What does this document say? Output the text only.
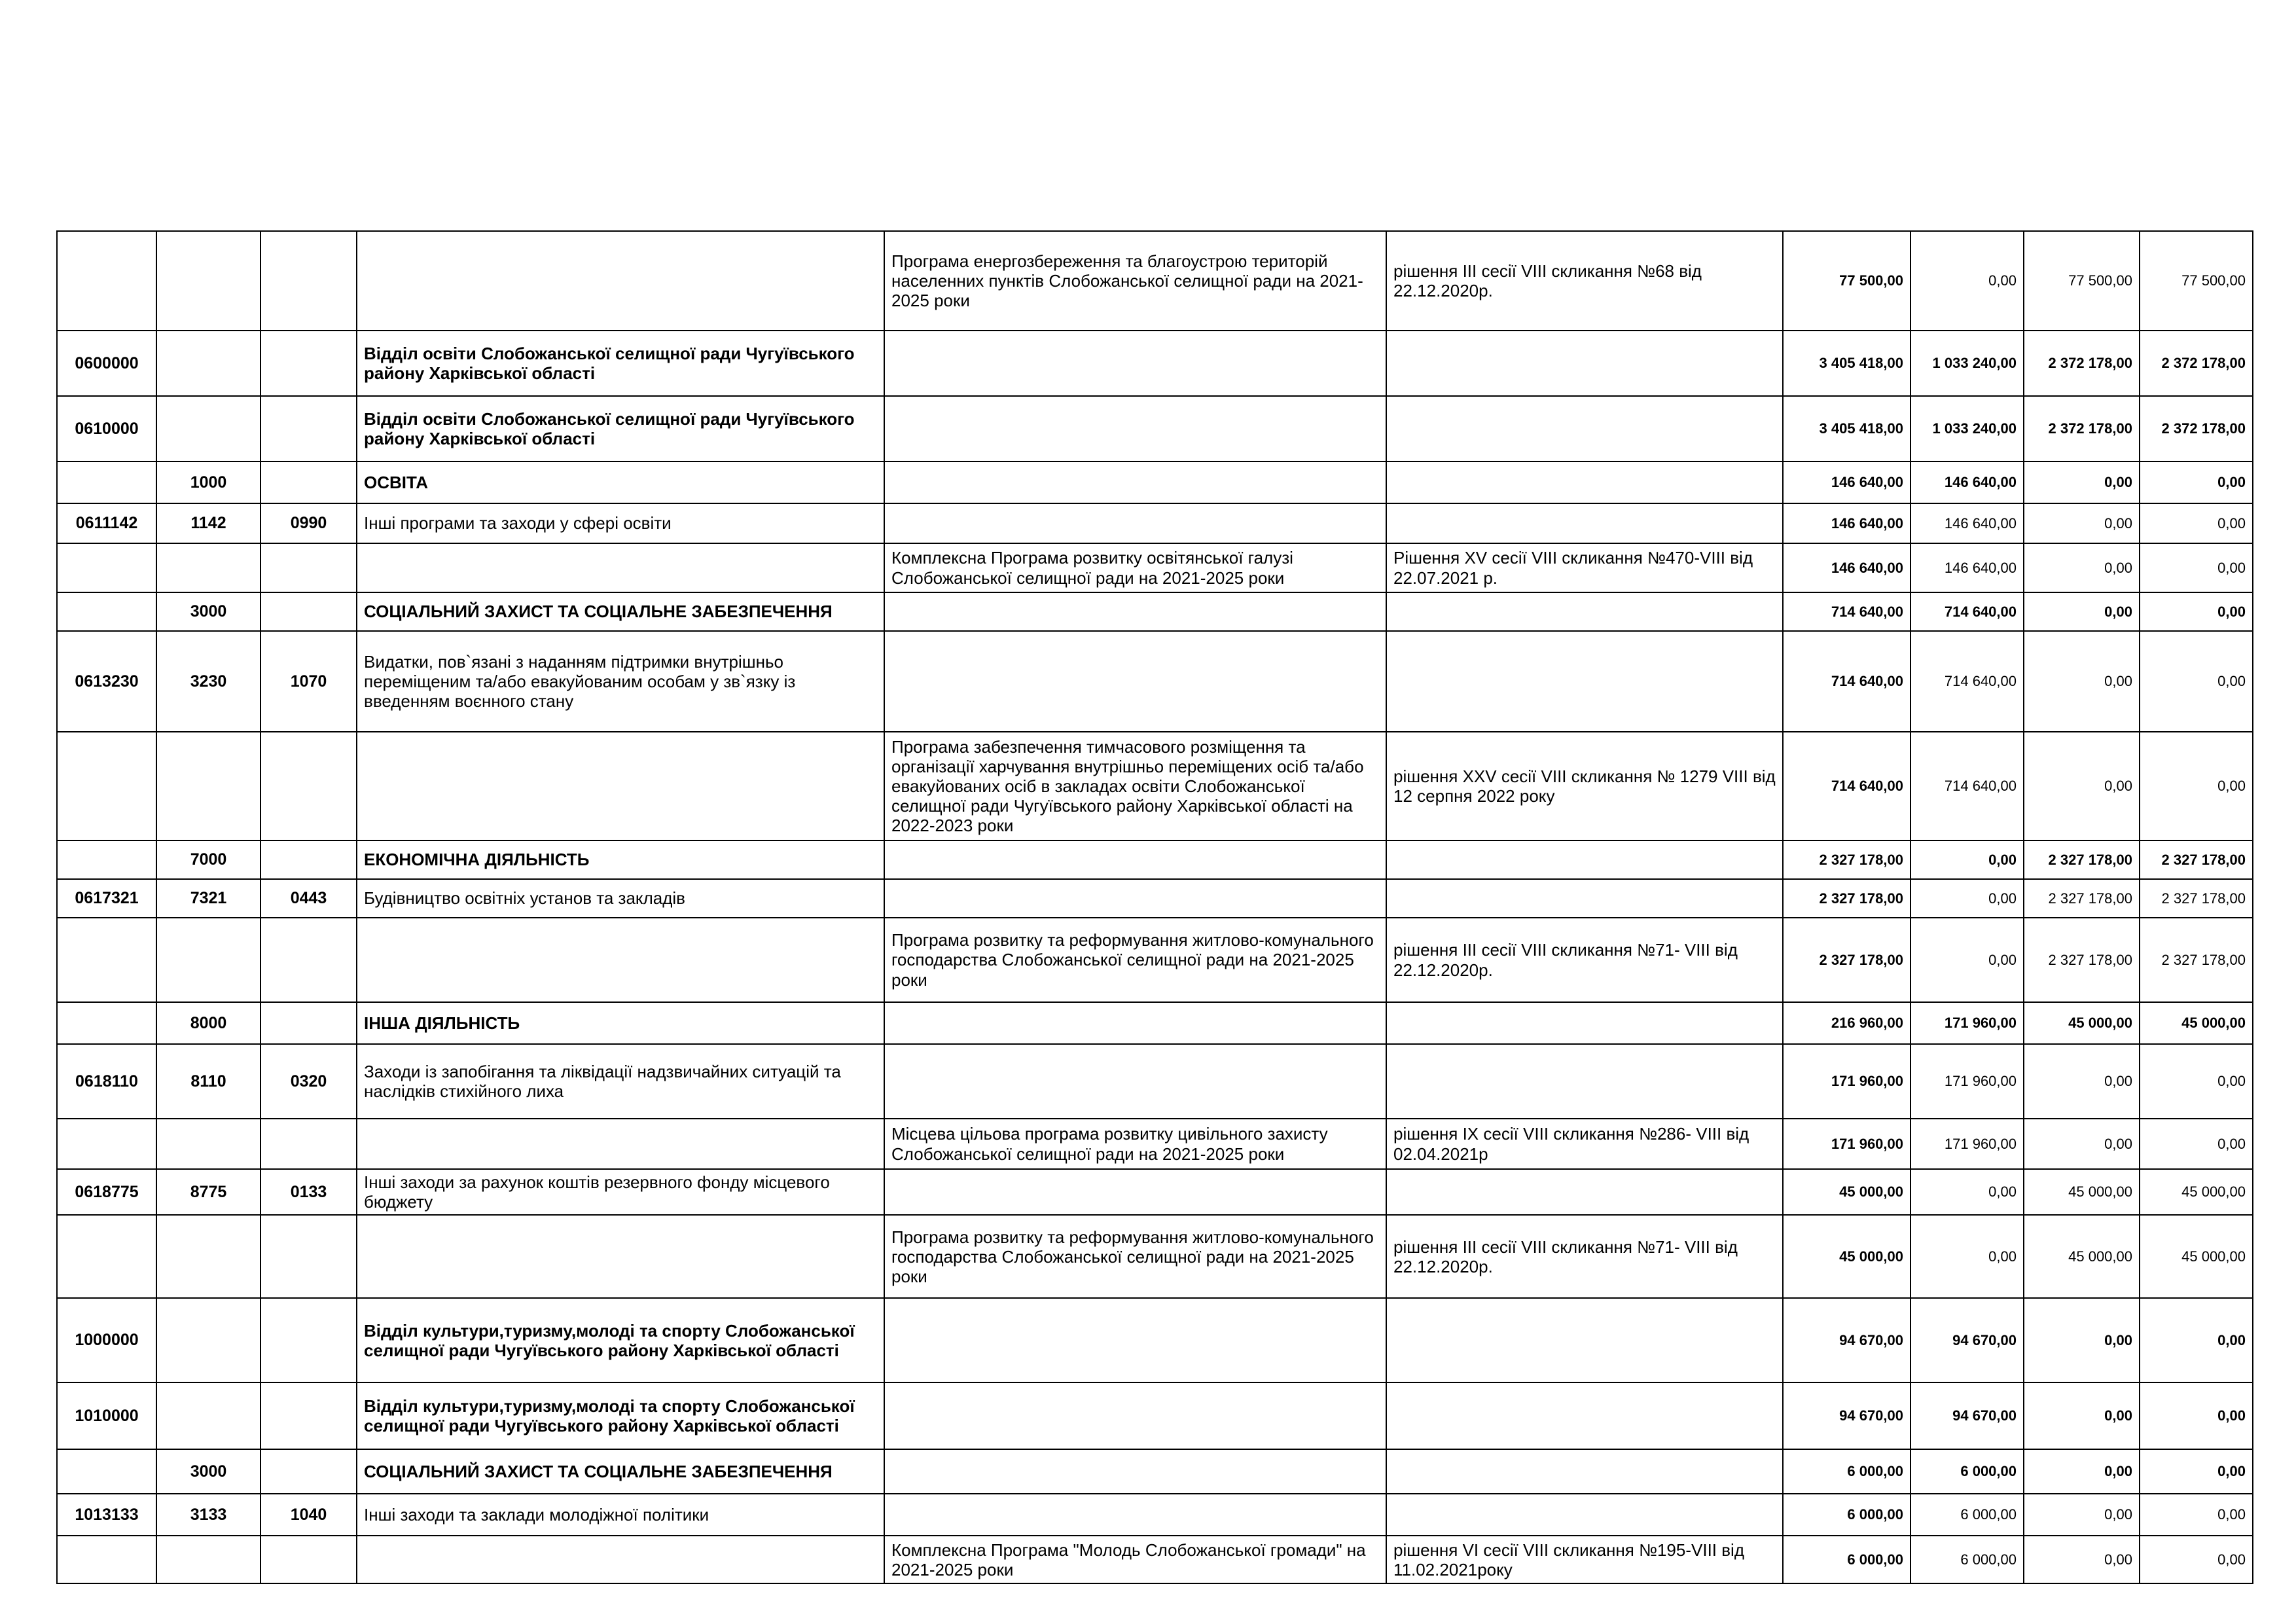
				Програма енергозбереження та благоустрою територій населенних пунктів Слобожанської селищної ради на 2021-2025 роки	рішення ІІІ сесії VIII скликання №68 від 22.12.2020р.	77 500,00	0,00	77 500,00	77 500,00
0600000			Відділ освіти Слобожанської селищної ради Чугуївського району Харківської області			3 405 418,00	1 033 240,00	2 372 178,00	2 372 178,00
0610000			Відділ освіти Слобожанської селищної ради Чугуївського району Харківської області			3 405 418,00	1 033 240,00	2 372 178,00	2 372 178,00
	1000		ОСВІТА			146 640,00	146 640,00	0,00	0,00
0611142	1142	0990	Інші програми та заходи у сфері освіти			146 640,00	146 640,00	0,00	0,00
				Комплексна Програма розвитку освітянської галузі Слобожанської селищної ради на 2021-2025 роки	Рішення XV сесії VIII скликання №470-VIII від 22.07.2021 р.	146 640,00	146 640,00	0,00	0,00
	3000		СОЦІАЛЬНИЙ ЗАХИСТ ТА СОЦІАЛЬНЕ ЗАБЕЗПЕЧЕННЯ			714 640,00	714 640,00	0,00	0,00
0613230	3230	1070	Видатки, пов`язані з наданням підтримки внутрішньо переміщеним та/або евакуйованим особам у зв`язку із введенням воєнного стану			714 640,00	714 640,00	0,00	0,00
				Програма забезпечення тимчасового розміщення та організації харчування внутрішньо переміщених осіб та/або евакуйованих осіб в закладах освіти Слобожанської селищної ради Чугуївського району Харківської області на 2022-2023 роки	рішення XXV сесії VIII скликання № 1279 VIII від 12 серпня 2022 року	714 640,00	714 640,00	0,00	0,00
	7000		ЕКОНОМІЧНА ДІЯЛЬНІСТЬ			2 327 178,00	0,00	2 327 178,00	2 327 178,00
0617321	7321	0443	Будівництво освітніх установ та закладів			2 327 178,00	0,00	2 327 178,00	2 327 178,00
				Програма розвитку та реформування житлово-комунального господарства Слобожанської селищної ради на 2021-2025 роки	рішення ІІІ сесії VIII скликання №71- VIII від 22.12.2020р.	2 327 178,00	0,00	2 327 178,00	2 327 178,00
	8000		ІНША ДІЯЛЬНІСТЬ			216 960,00	171 960,00	45 000,00	45 000,00
0618110	8110	0320	Заходи із запобігання та ліквідації надзвичайних ситуацій та наслідків стихійного лиха			171 960,00	171 960,00	0,00	0,00
				Місцева цільова програма розвитку цивільного захисту Слобожанської селищної ради на 2021-2025 роки	рішення ІХ сесії VIII скликання №286- VIII від 02.04.2021р	171 960,00	171 960,00	0,00	0,00
0618775	8775	0133	Інші заходи за рахунок коштів резервного фонду місцевого бюджету			45 000,00	0,00	45 000,00	45 000,00
				Програма розвитку та реформування житлово-комунального господарства Слобожанської селищної ради на 2021-2025 роки	рішення ІІІ сесії VIII скликання №71- VIII від 22.12.2020р.	45 000,00	0,00	45 000,00	45 000,00
1000000			Відділ культури,туризму,молоді та спорту Слобожанської селищної ради Чугуївського району Харківської області			94 670,00	94 670,00	0,00	0,00
1010000			Відділ культури,туризму,молоді та спорту Слобожанської селищної ради Чугуївського району Харківської області			94 670,00	94 670,00	0,00	0,00
	3000		СОЦІАЛЬНИЙ ЗАХИСТ ТА СОЦІАЛЬНЕ ЗАБЕЗПЕЧЕННЯ			6 000,00	6 000,00	0,00	0,00
1013133	3133	1040	Інші заходи та заклади молодіжної політики			6 000,00	6 000,00	0,00	0,00
				Комплексна Програма "Молодь Слобожанської громади" на 2021-2025 роки	рішення VI сесії VIII скликання №195-VIII від 11.02.2021року	6 000,00	6 000,00	0,00	0,00
